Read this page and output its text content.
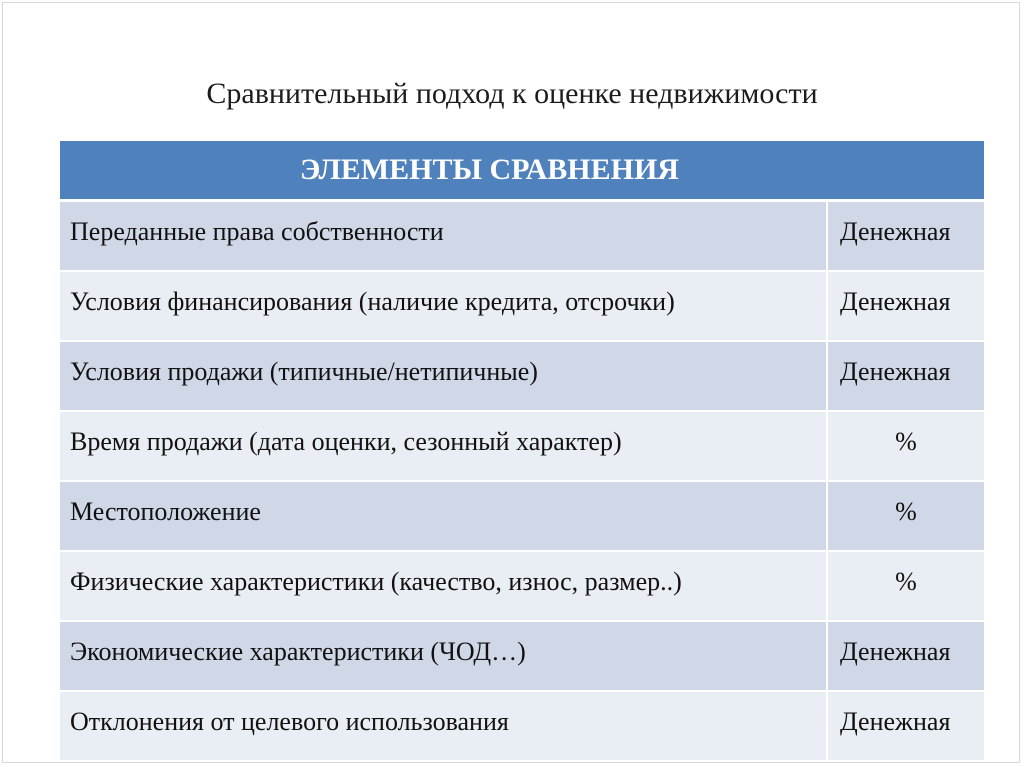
Сравнительный подход к оценке недвижимости
ЭЛЕМЕНТЫ СРАВНЕНИЯ	
Переданные права собственности	Денежная
Условия финансирования (наличие кредита, отсрочки)	Денежная
Условия продажи (типичные/нетипичные)	Денежная
Время продажи (дата оценки, сезонный характер)	%
Местоположение	%
Физические характеристики (качество, износ, размер..)	%
Экономические характеристики (ЧОД…)	Денежная
Отклонения от целевого использования	Денежная
